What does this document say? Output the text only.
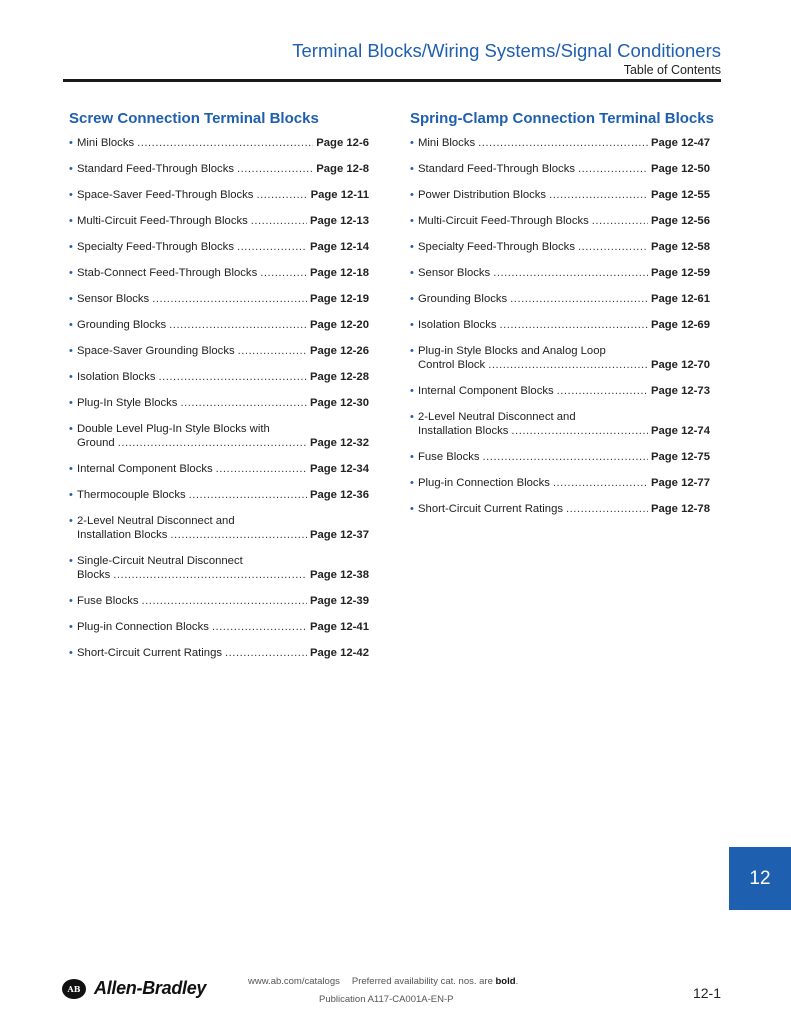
Terminal Blocks/Wiring Systems/Signal Conditioners
Table of Contents
Screw Connection Terminal Blocks
• Mini Blocks .....	Page 12-6
• Standard Feed-Through Blocks .....	Page 12-8
• Space-Saver Feed-Through Blocks .....	Page 12-11
• Multi-Circuit Feed-Through Blocks .....	Page 12-13
• Specialty Feed-Through Blocks .....	Page 12-14
• Stab-Connect Feed-Through Blocks .....	Page 12-18
• Sensor Blocks .....	Page 12-19
• Grounding Blocks .....	Page 12-20
• Space-Saver Grounding Blocks .....	Page 12-26
• Isolation Blocks .....	Page 12-28
• Plug-In Style Blocks .....	Page 12-30
• Double Level Plug-In Style Blocks with
Ground .....	Page 12-32
• Internal Component Blocks .....	Page 12-34
• Thermocouple Blocks .....	Page 12-36
• 2-Level Neutral Disconnect and
Installation Blocks .....	Page 12-37
• Single-Circuit Neutral Disconnect
Blocks .....	Page 12-38
• Fuse Blocks .....	Page 12-39
• Plug-in Connection Blocks .....	Page 12-41
• Short-Circuit Current Ratings .....	Page 12-42
Spring-Clamp Connection Terminal Blocks
• Mini Blocks .....	Page 12-47
• Standard Feed-Through Blocks .....	Page 12-50
• Power Distribution Blocks .....	Page 12-55
• Multi-Circuit Feed-Through Blocks .....	Page 12-56
• Specialty Feed-Through Blocks .....	Page 12-58
• Sensor Blocks .....	Page 12-59
• Grounding Blocks .....	Page 12-61
• Isolation Blocks .....	Page 12-69
• Plug-in Style Blocks and Analog Loop
Control Block .....	Page 12-70
• Internal Component Blocks .....	Page 12-73
• 2-Level Neutral Disconnect and
Installation Blocks .....	Page 12-74
• Fuse Blocks .....	Page 12-75
• Plug-in Connection Blocks .....	Page 12-77
• Short-Circuit Current Ratings .....	Page 12-78
12
AB Allen-Bradley	www.ab.com/catalogs Preferred availability cat. nos. are bold.
Publication A117-CA001A-EN-P	12-1
